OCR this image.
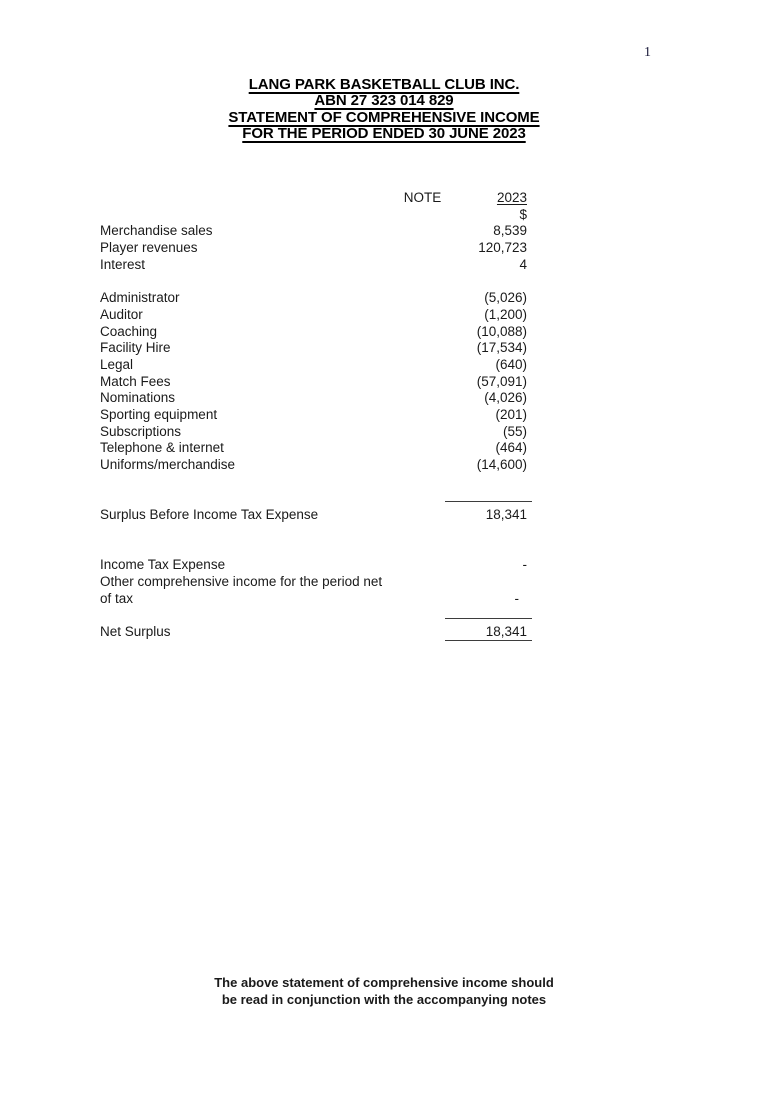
1
LANG PARK BASKETBALL CLUB INC.
ABN 27 323 014 829
STATEMENT OF COMPREHENSIVE INCOME
FOR THE PERIOD ENDED 30 JUNE 2023
NOTE	2023
$
Merchandise sales	8,539
Player revenues	120,723
Interest	4
Administrator	(5,026)
Auditor	(1,200)
Coaching	(10,088)
Facility Hire	(17,534)
Legal	(640)
Match Fees	(57,091)
Nominations	(4,026)
Sporting equipment	(201)
Subscriptions	(55)
Telephone & internet	(464)
Uniforms/merchandise	(14,600)
Surplus Before Income Tax Expense	18,341
Income Tax Expense	-
Other comprehensive income for the period net of tax	-
Net Surplus	18,341
The above statement of comprehensive income should
be read in conjunction with the accompanying notes
